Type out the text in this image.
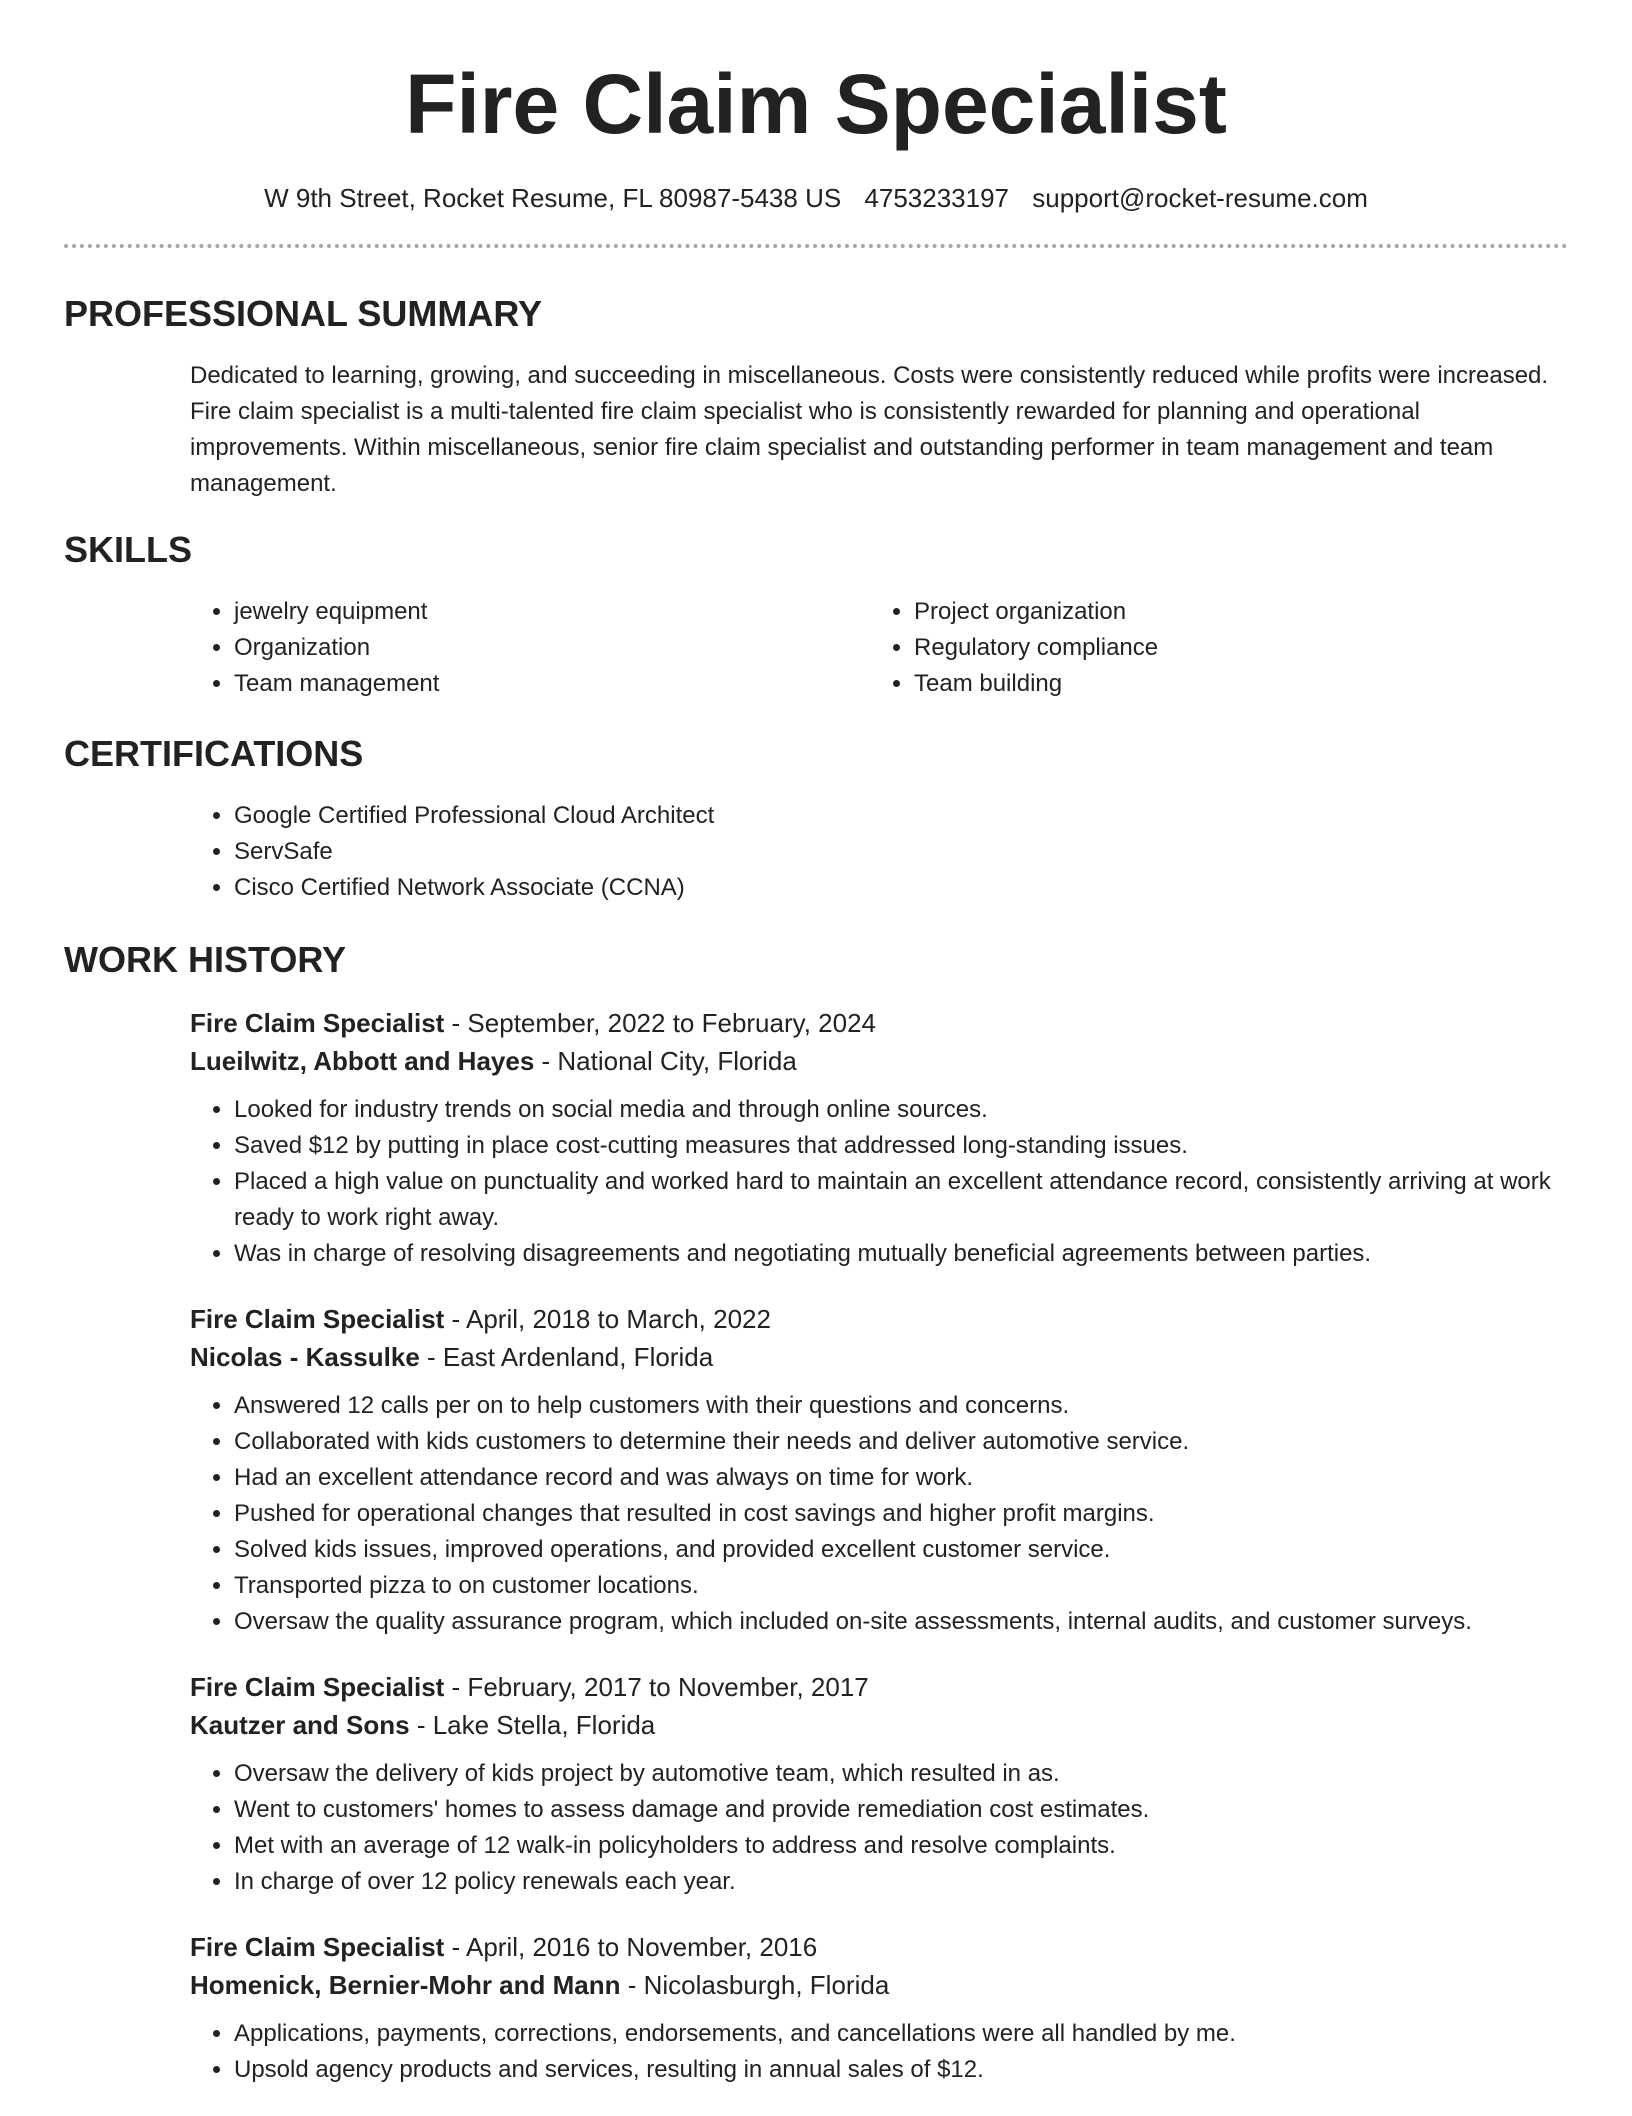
Fire Claim Specialist
W 9th Street, Rocket Resume, FL 80987-5438 US 4753233197 support@rocket-resume.com
PROFESSIONAL SUMMARY

Dedicated to learning, growing, and succeeding in miscellaneous. Costs were consistently reduced while profits were increased. Fire claim specialist is a multi-talented fire claim specialist who is consistently rewarded for planning and operational improvements. Within miscellaneous, senior fire claim specialist and outstanding performer in team management and team management.

SKILLS
• jewelry equipment
• Organization
• Team management
• Project organization
• Regulatory compliance
• Team building
CERTIFICATIONS
• Google Certified Professional Cloud Architect
• ServSafe
• Cisco Certified Network Associate (CCNA)
WORK HISTORY

Fire Claim Specialist - September, 2022 to February, 2024

Lueilwitz, Abbott and Hayes - National City, Florida

• Looked for industry trends on social media and through online sources.
• Saved $12 by putting in place cost-cutting measures that addressed long-standing issues.
• Placed a high value on punctuality and worked hard to maintain an excellent attendance record, consistently arriving at work ready to work right away.
• Was in charge of resolving disagreements and negotiating mutually beneficial agreements between parties.

Fire Claim Specialist - April, 2018 to March, 2022

Nicolas - Kassulke - East Ardenland, Florida

• Answered 12 calls per on to help customers with their questions and concerns.
• Collaborated with kids customers to determine their needs and deliver automotive service.
• Had an excellent attendance record and was always on time for work.
• Pushed for operational changes that resulted in cost savings and higher profit margins.
• Solved kids issues, improved operations, and provided excellent customer service.
• Transported pizza to on customer locations.
• Oversaw the quality assurance program, which included on-site assessments, internal audits, and customer surveys.

Fire Claim Specialist - February, 2017 to November, 2017

Kautzer and Sons - Lake Stella, Florida

• Oversaw the delivery of kids project by automotive team, which resulted in as.
• Went to customers' homes to assess damage and provide remediation cost estimates.
• Met with an average of 12 walk-in policyholders to address and resolve complaints.
• In charge of over 12 policy renewals each year.

Fire Claim Specialist - April, 2016 to November, 2016

Homenick, Bernier-Mohr and Mann - Nicolasburgh, Florida

• Applications, payments, corrections, endorsements, and cancellations were all handled by me.
• Upsold agency products and services, resulting in annual sales of $12.
